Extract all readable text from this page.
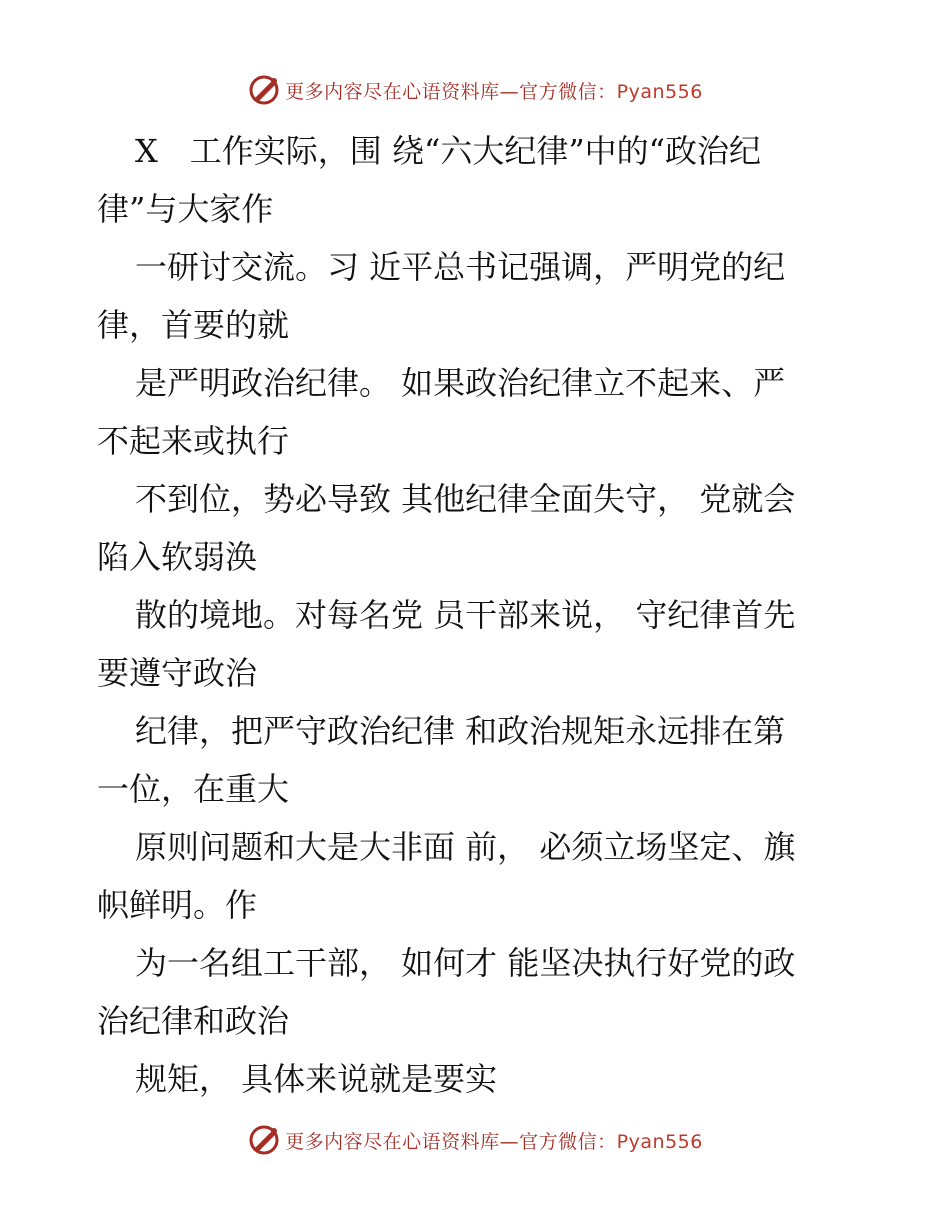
更多内容尽在心语资料库—官方微信：Pyan556

X　工作实际，围 绕“六大纪律”中的“政治纪
律”与大家作

一研讨交流。习 近平总书记强调，严明党的纪
律，首要的就

是严明政治纪律。 如果政治纪律立不起来、严
不起来或执行

不到位，势必导致 其他纪律全面失守， 党就会
陷入软弱涣

散的境地。对每名党 员干部来说， 守纪律首先
要遵守政治

纪律，把严守政治纪律 和政治规矩永远排在第
一位，在重大

原则问题和大是大非面 前， 必须立场坚定、旗
帜鲜明。作

为一名组工干部， 如何才 能坚决执行好党的政
治纪律和政治

规矩， 具体来说就是要实

更多内容尽在心语资料库—官方微信：Pyan556
